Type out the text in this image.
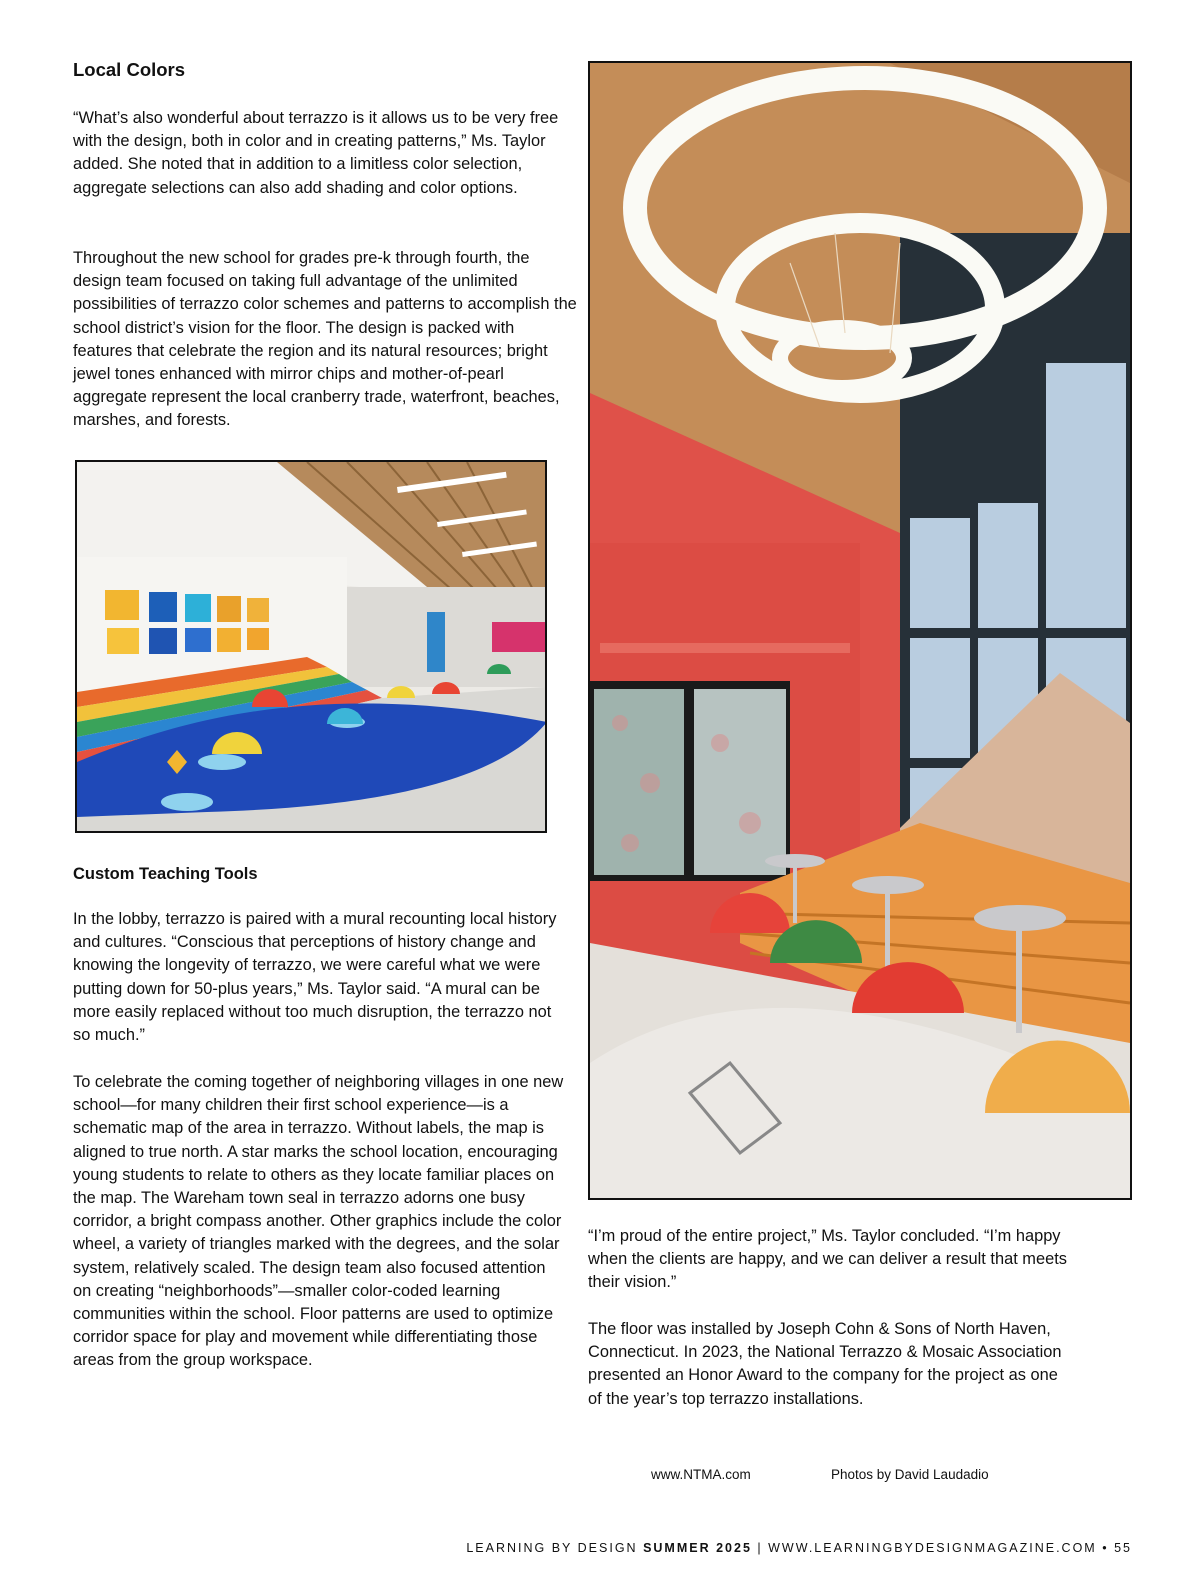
Local Colors

“What’s also wonderful about terrazzo is it allows us to be very free with the design, both in color and in creating patterns,” Ms. Taylor added. She noted that in addition to a limitless color selection, aggregate selections can also add shading and color options.

Throughout the new school for grades pre-k through fourth, the design team focused on taking full advantage of the unlimited possibilities of terrazzo color schemes and patterns to accomplish the school district’s vision for the floor. The design is packed with features that celebrate the region and its natural resources; bright jewel tones enhanced with mirror chips and mother-of-pearl aggregate represent the local cranberry trade, waterfront, beaches, marshes, and forests.

Custom Teaching Tools

In the lobby, terrazzo is paired with a mural recounting local history and cultures. “Conscious that perceptions of history change and knowing the longevity of terrazzo, we were careful what we were putting down for 50-plus years,” Ms. Taylor said. “A mural can be more easily replaced without too much disruption, the terrazzo not so much.”

To celebrate the coming together of neighboring villages in one new school—for many children their first school experience—is a schematic map of the area in terrazzo. Without labels, the map is aligned to true north. A star marks the school location, encouraging young students to relate to others as they locate familiar places on the map. The Wareham town seal in terrazzo adorns one busy corridor, a bright compass another. Other graphics include the color wheel, a variety of triangles marked with the degrees, and the solar system, relatively scaled. The design team also focused attention on creating “neighborhoods”—smaller color-coded learning communities within the school. Floor patterns are used to optimize corridor space for play and movement while differentiating those areas from the group workspace.

“I’m proud of the entire project,” Ms. Taylor concluded. “I’m happy when the clients are happy, and we can deliver a result that meets their vision.”

The floor was installed by Joseph Cohn & Sons of North Haven, Connecticut. In 2023, the National Terrazzo & Mosaic Association presented an Honor Award to the company for the project as one of the year’s top terrazzo installations.

www.NTMA.com	Photos by David Laudadio
LEARNING BY DESIGN SUMMER 2025 | WWW.LEARNINGBYDESIGNMAGAZINE.COM • 55
